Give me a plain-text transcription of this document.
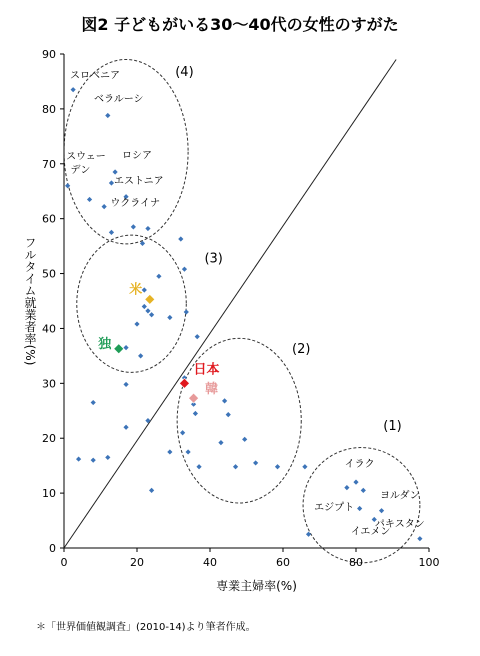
図2 子どもがいる30〜40代の女性のすがた
(4)
(3)
(2)
(1)
0	20	40	60	80	100
0
10
20
30
40
50
60
70
80
90
スロベニア
ベラルーシ
スウェー
デン
ロシア
エストニア
ウクライナ
イラク
エジプト
ヨルダン
パキスタン
イエメン
米
独
日本
韓
専業主婦率(%)
フルタイム就業者率(%)
＊「世界価値観調査」(2010-14)より筆者作成。
